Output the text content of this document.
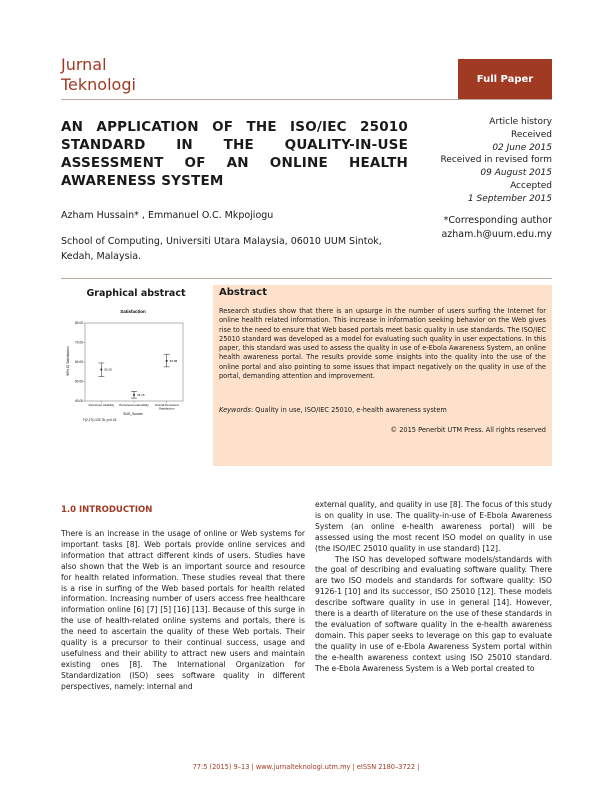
Jurnal
Teknologi	Full Paper
AN APPLICATION OF THE ISO/IEC 25010 STANDARD IN THE QUALITY-IN-USE ASSESSMENT OF AN ONLINE HEALTH AWARENESS SYSTEM
Article history
Received
02 June 2015
Received in revised form
09 August 2015
Accepted
1 September 2015
Azham Hussain* , Emmanuel O.C. Mkpojiogu	*Corresponding author
azham.h@uum.edu.my
School of Computing, Universiti Utara Malaysia, 06010 UUM Sintok, Kedah, Malaysia.
Graphical abstract
Satisfaction
95% CI Satisfaction
SUS_Scores
F(2,27)=133.76, p<0.01
80.00
70.00
60.00
50.00
40.00
55.15
Perceived Usability
43.15
Perceived Learnability
60.58
Overall Perceived
Satisfaction
Abstract
Research studies show that there is an upsurge in the number of users surfing the Internet for online health related information. This increase in information seeking behavior on the Web gives rise to the need to ensure that Web based portals meet basic quality in use standards. The ISO/IEC 25010 standard was developed as a model for evaluating such quality in user expectations. In this paper, this standard was used to assess the quality in use of e-Ebola Awareness System, an online health awareness portal. The results provide some insights into the quality into the use of the online portal and also pointing to some issues that impact negatively on the quality in use of the portal, demanding attention and improvement.
Keywords: Quality in use, ISO/IEC 25010, e-health awareness system
© 2015 Penerbit UTM Press. All rights reserved
1.0 INTRODUCTION

There is an increase in the usage of online or Web systems for important tasks [8]. Web portals provide online services and information that attract different kinds of users. Studies have also shown that the Web is an important source and resource for health related information. These studies reveal that there is a rise in surfing of the Web based portals for health related information. Increasing number of users access free healthcare information online [6] [7] [5] [16] [13]. Because of this surge in the use of health-related online systems and portals, there is the need to ascertain the quality of these Web portals. Their quality is a precursor to their continual success, usage and usefulness and their ability to attract new users and maintain existing ones [8]. The International Organization for Standardization (ISO) sees software quality in different perspectives, namely: internal and

external quality, and quality in use [8]. The focus of this study is on quality in use. The quality-in-use of E-Ebola Awareness System (an online e-health awareness portal) will be assessed using the most recent ISO model on quality in use (the ISO/IEC 25010 quality in use standard) [12].

The ISO has developed software models/standards with the goal of describing and evaluating software quality. There are two ISO models and standards for software quality: ISO 9126-1 [10] and its successor, ISO 25010 [12]. These models describe software quality in use in general [14]. However, there is a dearth of literature on the use of these standards in the evaluation of software quality in the e-health awareness domain. This paper seeks to leverage on this gap to evaluate the quality in use of e-Ebola Awareness System portal within the e-health awareness context using ISO 25010 standard. The e-Ebola Awareness System is a Web portal created to

77:5 (2015) 9–13 | www.jurnalteknologi.utm.my | eISSN 2180–3722 |
